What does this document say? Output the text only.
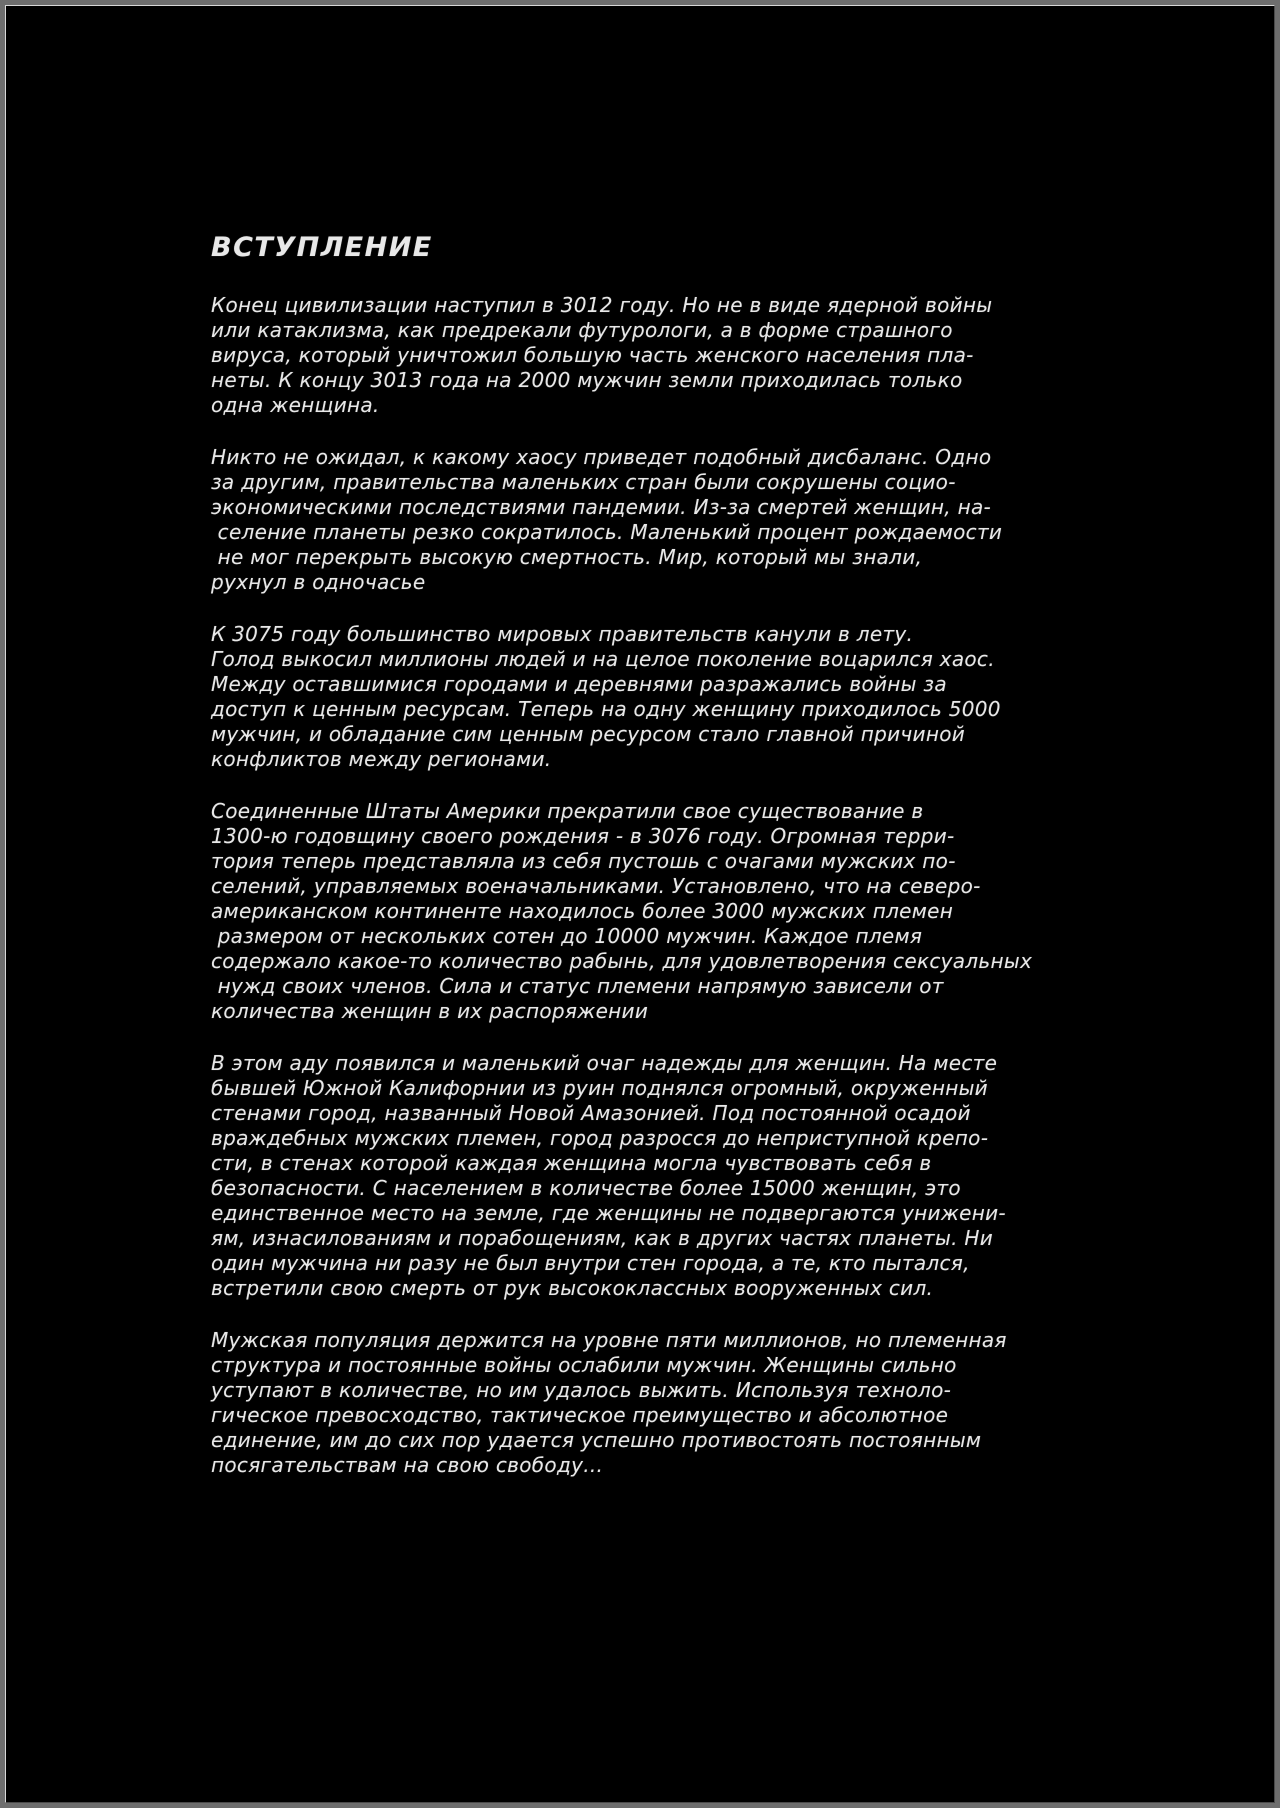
ВСТУПЛЕНИЕ
Конец цивилизации наступил в 3012 году. Но не в виде ядерной войны
или катаклизма, как предрекали футурологи, а в форме страшного
вируса, который уничтожил большую часть женского населения пла-
неты. К концу 3013 года на 2000 мужчин земли приходилась только
одна женщина.
Никто не ожидал, к какому хаосу приведет подобный дисбаланс. Одно
за другим, правительства маленьких стран были сокрушены социо-
экономическими последствиями пандемии. Из-за смертей женщин, на-
селение планеты резко сократилось. Маленький процент рождаемости
не мог перекрыть высокую смертность. Мир, который мы знали,
рухнул в одночасье
К 3075 году большинство мировых правительств канули в лету.
Голод выкосил миллионы людей и на целое поколение воцарился хаос.
Между оставшимися городами и деревнями разражались войны за
доступ к ценным ресурсам. Теперь на одну женщину приходилось 5000
мужчин, и обладание сим ценным ресурсом стало главной причиной
конфликтов между регионами.
Соединенные Штаты Америки прекратили свое существование в
1300-ю годовщину своего рождения - в 3076 году. Огромная терри-
тория теперь представляла из себя пустошь с очагами мужских по-
селений, управляемых военачальниками. Установлено, что на северо-
американском континенте находилось более 3000 мужских племен
размером от нескольких сотен до 10000 мужчин. Каждое племя
содержало какое-то количество рабынь, для удовлетворения сексуальных
нужд своих членов. Сила и статус племени напрямую зависели от
количества женщин в их распоряжении
В этом аду появился и маленький очаг надежды для женщин. На месте
бывшей Южной Калифорнии из руин поднялся огромный, окруженный
стенами город, названный Новой Амазонией. Под постоянной осадой
враждебных мужских племен, город разросся до неприступной крепо-
сти, в стенах которой каждая женщина могла чувствовать себя в
безопасности. С населением в количестве более 15000 женщин, это
единственное место на земле, где женщины не подвергаются унижени-
ям, изнасилованиям и порабощениям, как в других частях планеты. Ни
один мужчина ни разу не был внутри стен города, а те, кто пытался,
встретили свою смерть от рук высококлассных вооруженных сил.
Мужская популяция держится на уровне пяти миллионов, но племенная
структура и постоянные войны ослабили мужчин. Женщины сильно
уступают в количестве, но им удалось выжить. Используя техноло-
гическое превосходство, тактическое преимущество и абсолютное
единение, им до сих пор удается успешно противостоять постоянным
посягательствам на свою свободу...
